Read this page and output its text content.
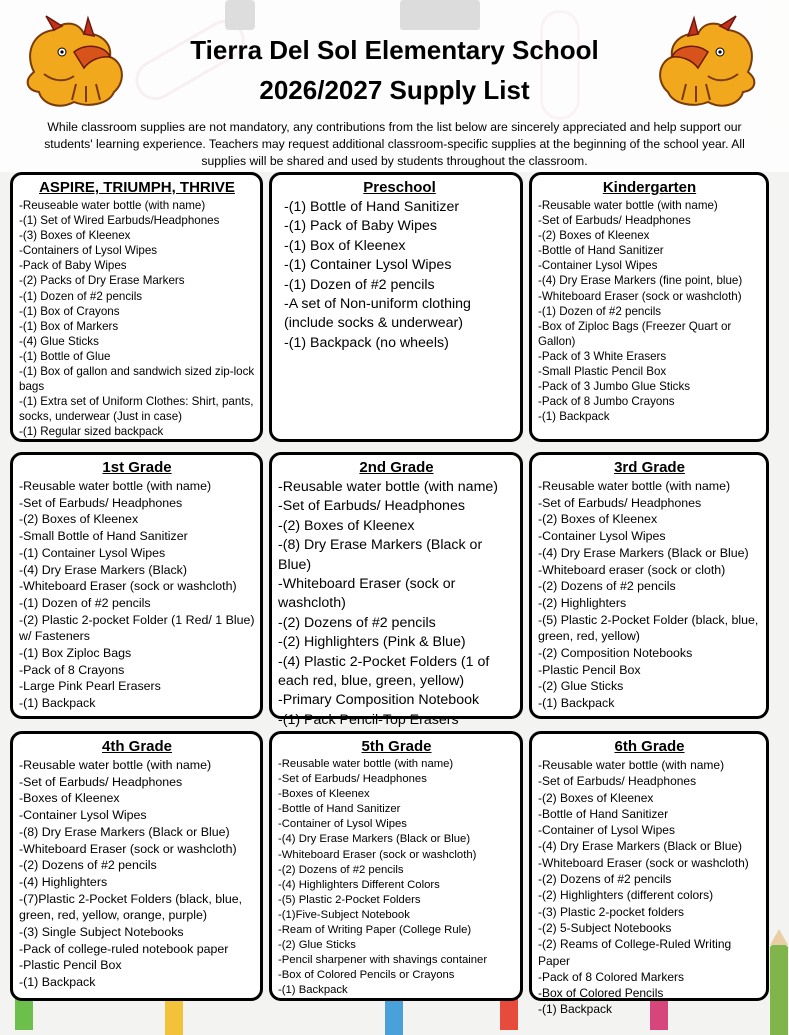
Tierra Del Sol Elementary School
2026/2027 Supply List
While classroom supplies are not mandatory, any contributions from the list below are sincerely appreciated and help support our students' learning experience. Teachers may request additional classroom-specific supplies at the beginning of the school year. All supplies will be shared and used by students throughout the classroom.
ASPIRE, TRIUMPH, THRIVE
-Reuseable water bottle (with name)
-(1) Set of Wired Earbuds/Headphones
-(3) Boxes of Kleenex
-Containers of Lysol Wipes
-Pack of Baby Wipes
-(2) Packs of Dry Erase Markers
-(1) Dozen of #2 pencils
-(1) Box of Crayons
-(1) Box of Markers
-(4) Glue Sticks
-(1) Bottle of Glue
-(1) Box of gallon and sandwich sized zip-lock bags
-(1) Extra set of Uniform Clothes: Shirt, pants, socks, underwear (Just in case)
-(1) Regular sized backpack
Preschool
-(1) Bottle of Hand Sanitizer
-(1) Pack of Baby Wipes
-(1) Box of Kleenex
-(1) Container Lysol Wipes
-(1) Dozen of #2 pencils
-A set of Non-uniform clothing (include socks & underwear)
-(1) Backpack (no wheels)
Kindergarten
-Reusable water bottle (with name)
-Set of Earbuds/ Headphones
-(2) Boxes of Kleenex
-Bottle of Hand Sanitizer
-Container Lysol Wipes
-(4) Dry Erase Markers (fine point, blue)
-Whiteboard Eraser (sock or washcloth)
-(1) Dozen of #2 pencils
-Box of Ziploc Bags (Freezer Quart or Gallon)
-Pack of 3 White Erasers
-Small Plastic Pencil Box
-Pack of 3 Jumbo Glue Sticks
-Pack of 8 Jumbo Crayons
-(1) Backpack
1st Grade
-Reusable water bottle (with name)
-Set of Earbuds/ Headphones
-(2) Boxes of Kleenex
-Small Bottle of Hand Sanitizer
-(1) Container Lysol Wipes
-(4) Dry Erase Markers (Black)
-Whiteboard Eraser (sock or washcloth)
-(1) Dozen of #2 pencils
-(2) Plastic 2-pocket Folder (1 Red/ 1 Blue) w/ Fasteners
-(1) Box Ziploc Bags
-Pack of 8 Crayons
-Large Pink Pearl Erasers
-(1) Backpack
2nd Grade
-Reusable water bottle (with name)
-Set of Earbuds/ Headphones
-(2) Boxes of Kleenex
-(8) Dry Erase Markers (Black or Blue)
-Whiteboard Eraser (sock or washcloth)
-(2) Dozens of #2 pencils
-(2) Highlighters (Pink & Blue)
-(4) Plastic 2-Pocket Folders (1 of each red, blue, green, yellow)
-Primary Composition Notebook
-(1) Pack Pencil-Top Erasers
3rd Grade
-Reusable water bottle (with name)
-Set of Earbuds/ Headphones
-(2) Boxes of Kleenex
-Container Lysol Wipes
-(4) Dry Erase Markers (Black or Blue)
-Whiteboard eraser (sock or cloth)
-(2) Dozens of #2 pencils
-(2) Highlighters
-(5) Plastic 2-Pocket Folder (black, blue, green, red, yellow)
-(2) Composition Notebooks
-Plastic Pencil Box
-(2) Glue Sticks
-(1) Backpack
4th Grade
-Reusable water bottle (with name)
-Set of Earbuds/ Headphones
-Boxes of Kleenex
-Container Lysol Wipes
-(8) Dry Erase Markers (Black or Blue)
-Whiteboard Eraser (sock or washcloth)
-(2) Dozens of #2 pencils
-(4) Highlighters
-(7)Plastic 2-Pocket Folders (black, blue, green, red, yellow, orange, purple)
-(3) Single Subject Notebooks
-Pack of college-ruled notebook paper
-Plastic Pencil Box
-(1) Backpack
5th Grade
-Reusable water bottle (with name)
-Set of Earbuds/ Headphones
-Boxes of Kleenex
-Bottle of Hand Sanitizer
-Container of Lysol Wipes
-(4) Dry Erase Markers (Black or Blue)
-Whiteboard Eraser (sock or washcloth)
-(2) Dozens of #2 pencils
-(4) Highlighters Different Colors
-(5) Plastic 2-Pocket Folders
-(1)Five-Subject Notebook
-Ream of Writing Paper (College Rule)
-(2) Glue Sticks
-Pencil sharpener with shavings container
-Box of Colored Pencils or Crayons
-(1) Backpack
6th Grade
-Reusable water bottle (with name)
-Set of Earbuds/ Headphones
-(2) Boxes of Kleenex
-Bottle of Hand Sanitizer
-Container of Lysol Wipes
-(4) Dry Erase Markers (Black or Blue)
-Whiteboard Eraser (sock or washcloth)
-(2) Dozens of #2 pencils
-(2) Highlighters (different colors)
-(3) Plastic 2-pocket folders
-(2) 5-Subject Notebooks
-(2) Reams of College-Ruled Writing Paper
-Pack of 8 Colored Markers
-Box of Colored Pencils
-(1) Backpack
